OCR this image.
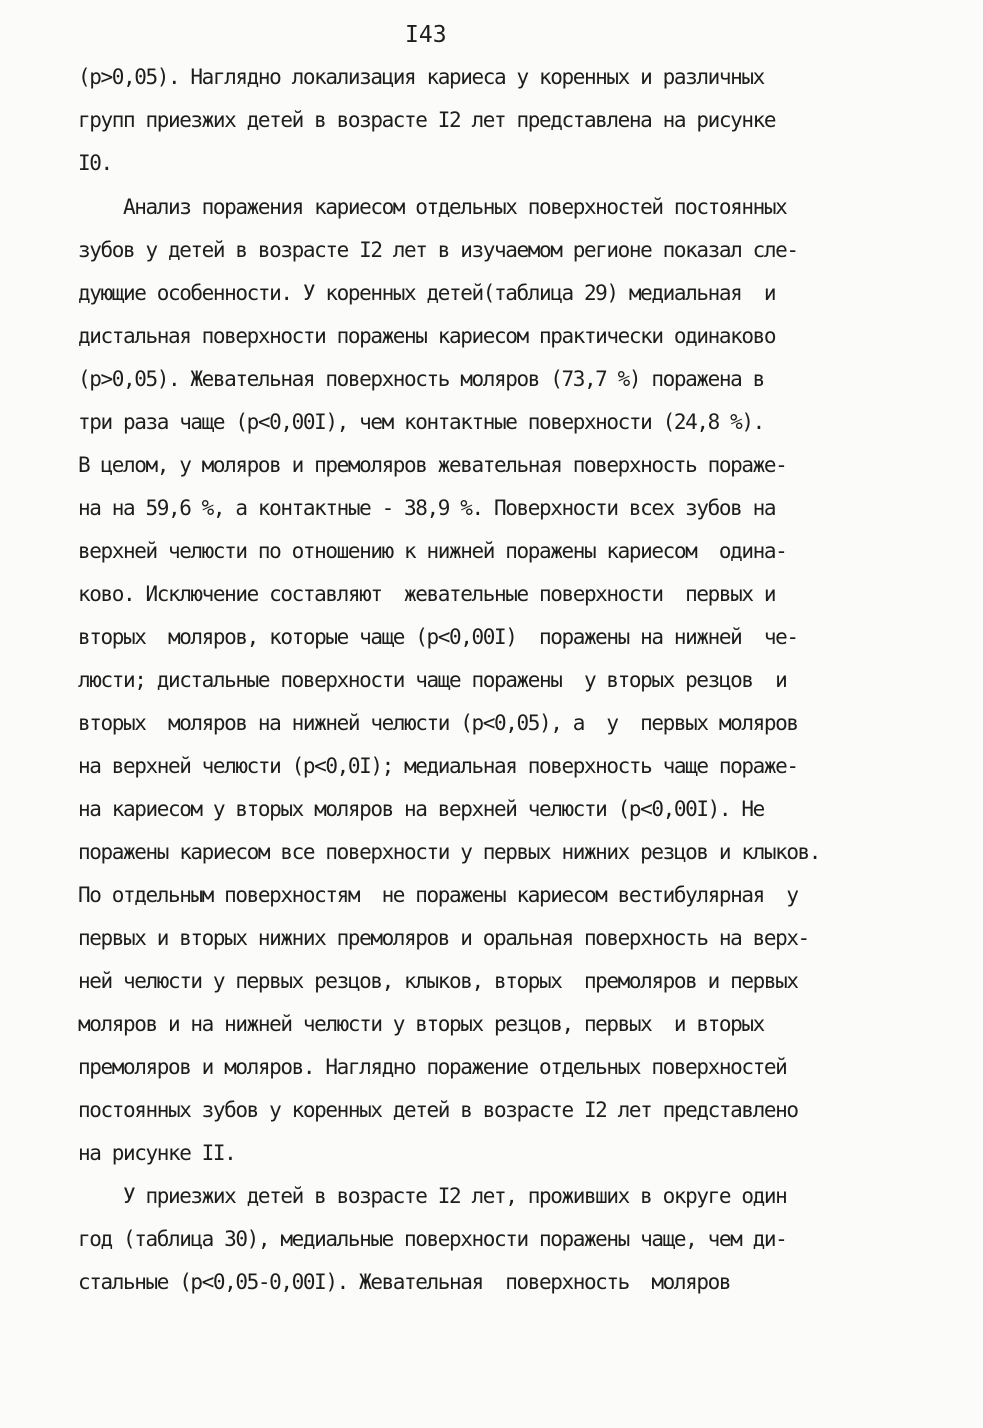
I43
(p>0,05). Наглядно локализация кариеса у коренных и различных
групп приезжих детей в возрасте I2 лет представлена на рисунке
I0.
Анализ поражения кариесом отдельных поверхностей постоянных
зубов у детей в возрасте I2 лет в изучаемом регионе показал сле-
дующие особенности. У коренных детей(таблица 29) медиальная  и
дистальная поверхности поражены кариесом практически одинаково
(p>0,05). Жевательная поверхность моляров (73,7 %) поражена в
три раза чаще (p<0,00I), чем контактные поверхности (24,8 %).
В целом, у моляров и премоляров жевательная поверхность пораже-
на на 59,6 %, а контактные - 38,9 %. Поверхности всех зубов на
верхней челюсти по отношению к нижней поражены кариесом  одина-
ково. Исключение составляют  жевательные поверхности  первых и
вторых  моляров, которые чаще (p<0,00I)  поражены на нижней  че-
люсти; дистальные поверхности чаще поражены  у вторых резцов  и
вторых  моляров на нижней челюсти (p<0,05), а  у  первых моляров
на верхней челюсти (p<0,0I); медиальная поверхность чаще пораже-
на кариесом у вторых моляров на верхней челюсти (p<0,00I). Не
поражены кариесом все поверхности у первых нижних резцов и клыков.
По отдельным поверхностям  не поражены кариесом вестибулярная  у
первых и вторых нижних премоляров и оральная поверхность на верх-
ней челюсти у первых резцов, клыков, вторых  премоляров и первых
моляров и на нижней челюсти у вторых резцов, первых  и вторых
премоляров и моляров. Наглядно поражение отдельных поверхностей
постоянных зубов у коренных детей в возрасте I2 лет представлено
на рисунке II.
У приезжих детей в возрасте I2 лет, проживших в округе один
год (таблица 30), медиальные поверхности поражены чаще, чем ди-
стальные (p<0,05-0,00I). Жевательная  поверхность  моляров
